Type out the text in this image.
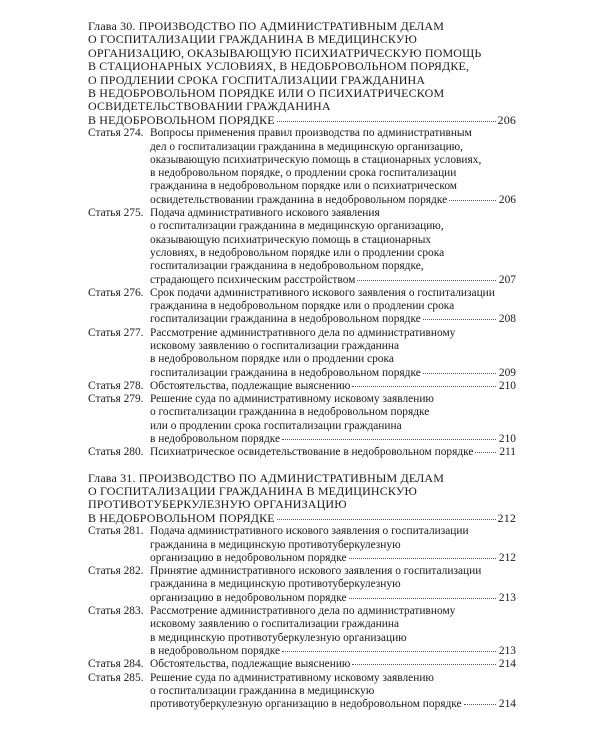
Глава 30. ПРОИЗВОДСТВО ПО АДМИНИСТРАТИВНЫМ ДЕЛАМ
О ГОСПИТАЛИЗАЦИИ ГРАЖДАНИНА В МЕДИЦИНСКУЮ
ОРГАНИЗАЦИЮ, ОКАЗЫВАЮЩУЮ ПСИХИАТРИЧЕСКУЮ ПОМОЩЬ
В СТАЦИОНАРНЫХ УСЛОВИЯХ, В НЕДОБРОВОЛЬНОМ ПОРЯДКЕ,
О ПРОДЛЕНИИ СРОКА ГОСПИТАЛИЗАЦИИ ГРАЖДАНИНА
В НЕДОБРОВОЛЬНОМ ПОРЯДКЕ ИЛИ О ПСИХИАТРИЧЕСКОМ
ОСВИДЕТЕЛЬСТВОВАНИИ ГРАЖДАНИНА
В НЕДОБРОВОЛЬНОМ ПОРЯДКЕ	206
Статья 274. Вопросы применения правил производства по административным
дел о госпитализации гражданина в медицинскую организацию,
оказывающую психиатрическую помощь в стационарных условиях,
в недобровольном порядке, о продлении срока госпитализации
гражданина в недобровольном порядке или о психиатрическом
освидетельствовании гражданина в недобровольном порядке	206
Статья 275. Подача административного искового заявления
о госпитализации гражданина в медицинскую организацию,
оказывающую психиатрическую помощь в стационарных
условиях, в недобровольном порядке или о продлении срока
госпитализации гражданина в недобровольном порядке,
страдающего психическим расстройством	207
Статья 276. Срок подачи административного искового заявления о госпитализации
гражданина в недобровольном порядке или о продлении срока
госпитализации гражданина в недобровольном порядке	208
Статья 277. Рассмотрение административного дела по административному
исковому заявлению о госпитализации гражданина
в недобровольном порядке или о продлении срока
госпитализации гражданина в недобровольном порядке	209
Статья 278. Обстоятельства, подлежащие выяснению	210
Статья 279. Решение суда по административному исковому заявлению
о госпитализации гражданина в недобровольном порядке
или о продлении срока госпитализации гражданина
в недобровольном порядке	210
Статья 280. Психиатрическое освидетельствование в недобровольном порядке 211
Глава 31. ПРОИЗВОДСТВО ПО АДМИНИСТРАТИВНЫМ ДЕЛАМ
О ГОСПИТАЛИЗАЦИИ ГРАЖДАНИНА В МЕДИЦИНСКУЮ
ПРОТИВОТУБЕРКУЛЕЗНУЮ ОРГАНИЗАЦИЮ
В НЕДОБРОВОЛЬНОМ ПОРЯДКЕ	212
Статья 281. Подача административного искового заявления о госпитализации
гражданина в медицинскую противотуберкулезную
организацию в недобровольном порядке	212
Статья 282. Принятие административного искового заявления о госпитализации
гражданина в медицинскую противотуберкулезную
организацию в недобровольном порядке	213
Статья 283. Рассмотрение административного дела по административному
исковому заявлению о госпитализации гражданина
в медицинскую противотуберкулезную организацию
в недобровольном порядке	213
Статья 284. Обстоятельства, подлежащие выяснению	214
Статья 285. Решение суда по административному исковому заявлению
о госпитализации гражданина в медицинскую
противотуберкулезную организацию в недобровольном порядке	214
